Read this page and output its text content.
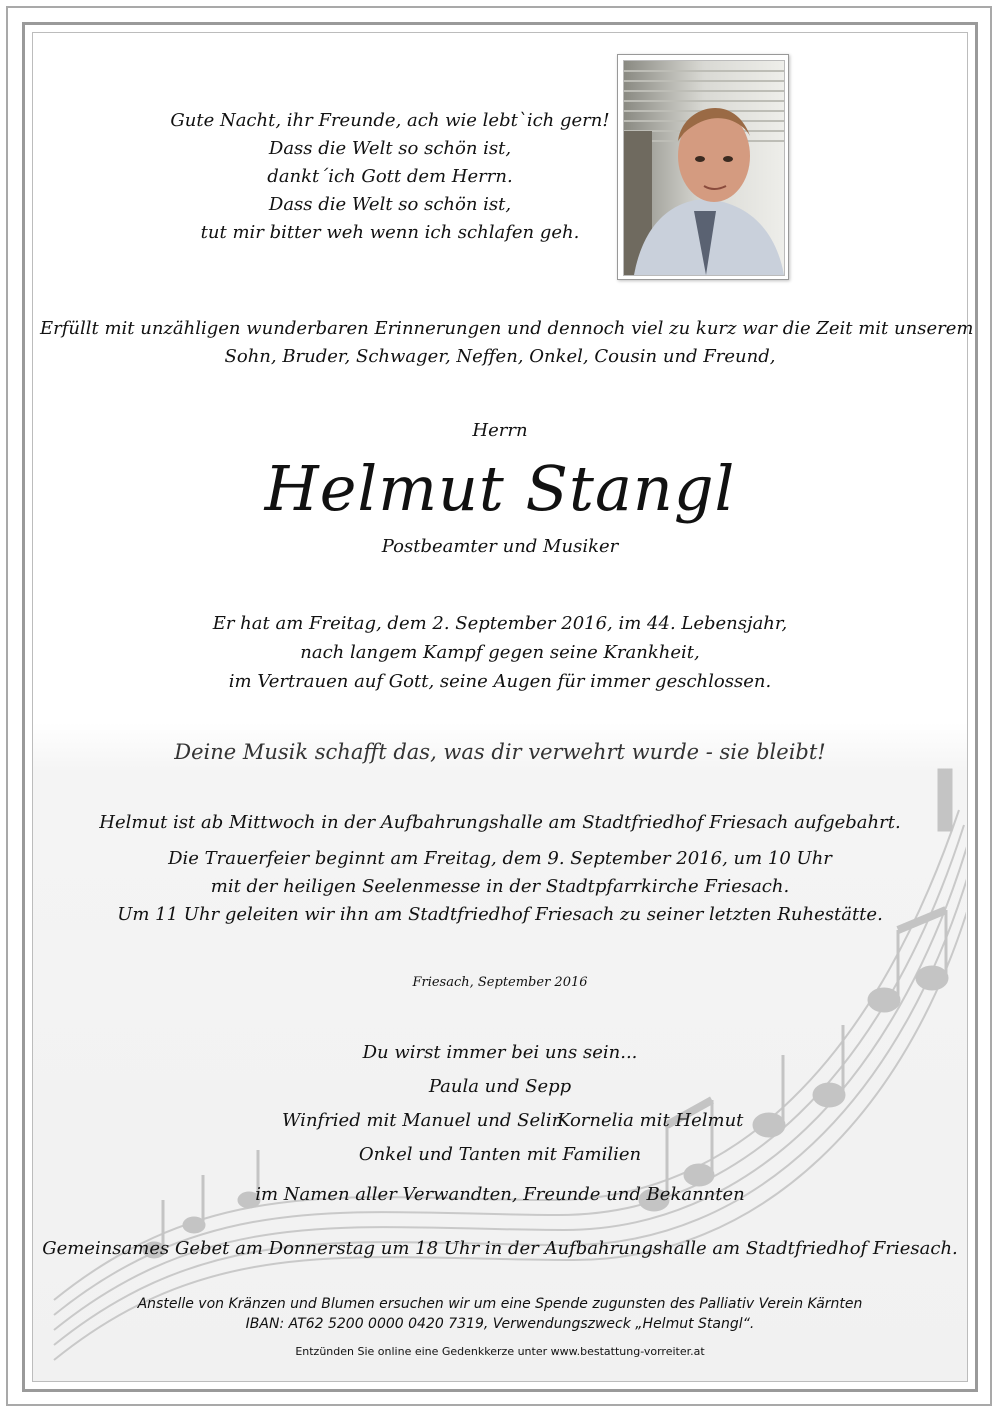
Gute Nacht, ihr Freunde, ach wie lebt`ich gern!
Dass die Welt so schön ist,
dankt´ich Gott dem Herrn.
Dass die Welt so schön ist,
tut mir bitter weh wenn ich schlafen geh.
Erfüllt mit unzähligen wunderbaren Erinnerungen und dennoch viel zu kurz war die Zeit mit unserem
Sohn, Bruder, Schwager, Neffen, Onkel, Cousin und Freund,
Herrn
Helmut Stangl
Postbeamter und Musiker
Er hat am Freitag, dem 2. September 2016, im 44. Lebensjahr,
nach langem Kampf gegen seine Krankheit,
im Vertrauen auf Gott, seine Augen für immer geschlossen.
Deine Musik schafft das, was dir verwehrt wurde - sie bleibt!
Helmut ist ab Mittwoch in der Aufbahrungshalle am Stadtfriedhof Friesach aufgebahrt.
Die Trauerfeier beginnt am Freitag, dem 9. September 2016, um 10 Uhr
mit der heiligen Seelenmesse in der Stadtpfarrkirche Friesach.
Um 11 Uhr geleiten wir ihn am Stadtfriedhof Friesach zu seiner letzten Ruhestätte.
Friesach, September 2016
Du wirst immer bei uns sein...
Paula und Sepp
Winfried mit Manuel und Selin
Kornelia mit Helmut
Onkel und Tanten mit Familien
im Namen aller Verwandten, Freunde und Bekannten
Gemeinsames Gebet am Donnerstag um 18 Uhr in der Aufbahrungshalle am Stadtfriedhof Friesach.
Anstelle von Kränzen und Blumen ersuchen wir um eine Spende zugunsten des Palliativ Verein Kärnten
IBAN: AT62 5200 0000 0420 7319, Verwendungszweck „Helmut Stangl“.
Entzünden Sie online eine Gedenkkerze unter www.bestattung-vorreiter.at
